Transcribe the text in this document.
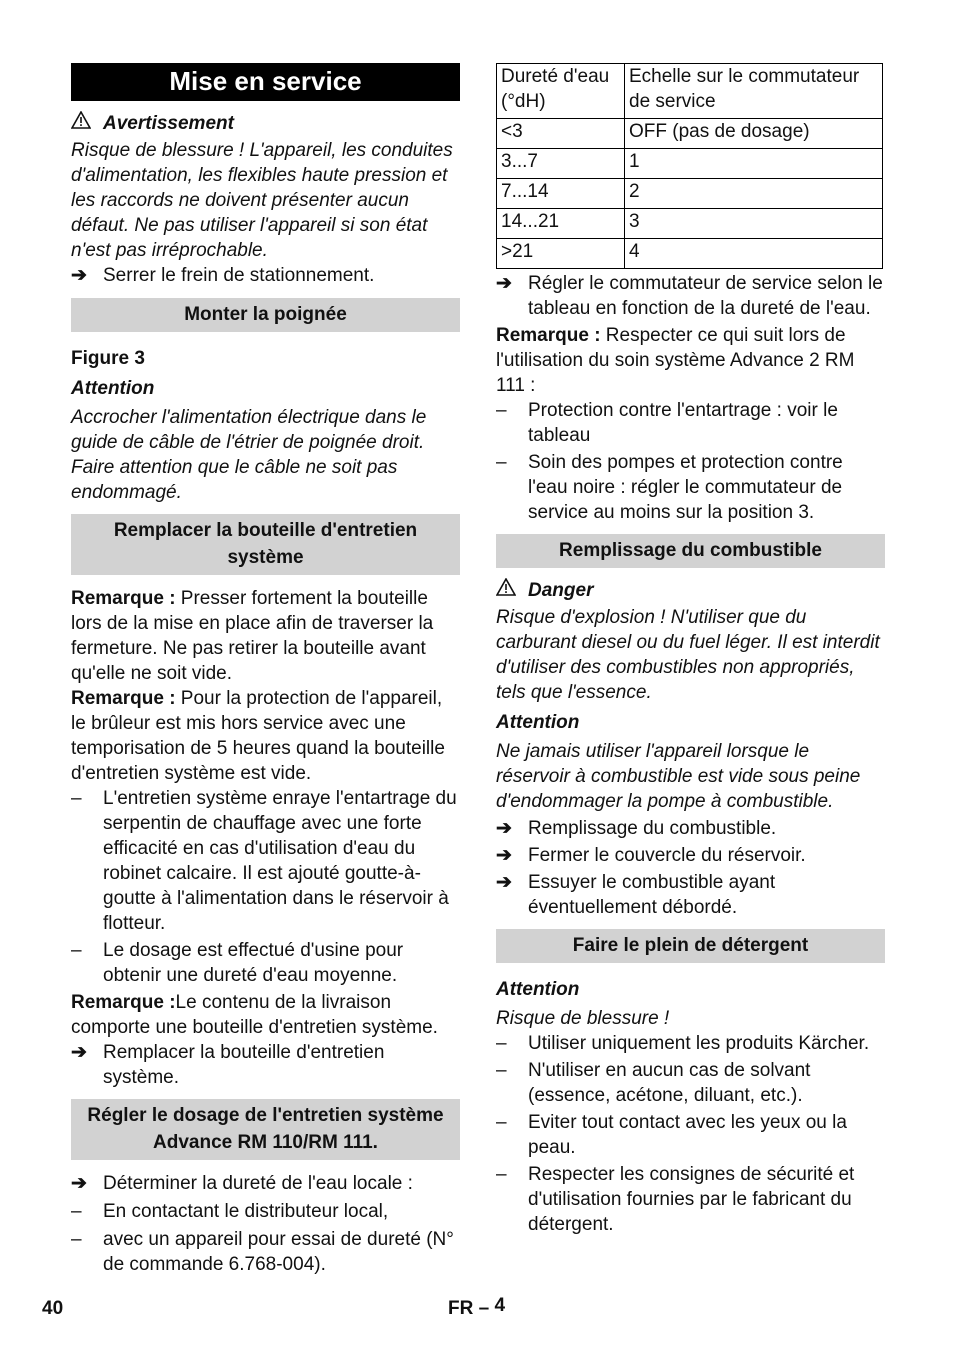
Mise en service
Avertissement

Risque de blessure ! L'appareil, les conduites d'alimentation, les flexibles haute pression et les raccords ne doivent présenter aucun défaut. Ne pas utiliser l'appareil si son état n'est pas irréprochable.

➔ Serrer le frein de stationnement.
Monter la poignée

Figure 3

Attention

Accrocher l'alimentation électrique dans le guide de câble de l'étrier de poignée droit. Faire attention que le câble ne soit pas endommagé.

Remplacer la bouteille d'entretien système

Remarque : Presser fortement la bouteille lors de la mise en place afin de traverser la fermeture. Ne pas retirer la bouteille avant qu'elle ne soit vide.

Remarque : Pour la protection de l'appareil, le brûleur est mis hors service avec une temporisation de 5 heures quand la bouteille d'entretien système est vide.

–	L'entretien système enraye l'entartrage du serpentin de chauffage avec une forte efficacité en cas d'utilisation d'eau du robinet calcaire. Il est ajouté goutte-à-goutte à l'alimentation dans le réservoir à flotteur.
–	Le dosage est effectué d'usine pour obtenir une dureté d'eau moyenne.

Remarque :Le contenu de la livraison comporte une bouteille d'entretien système.

➔ Remplacer la bouteille d'entretien système.
Régler le dosage de l'entretien système Advance RM 110/RM 111.
➔ Déterminer la dureté de l'eau locale :
–	En contactant le distributeur local,
–	avec un appareil pour essai de dureté (N° de commande 6.768-004).
Dureté d'eau (°dH)	Echelle sur le commutateur de service
<3	OFF (pas de dosage)
3...7	1
7...14	2
14...21	3
>21	4
➔ Régler le commutateur de service selon le tableau en fonction de la dureté de l'eau.

Remarque : Respecter ce qui suit lors de l'utilisation du soin système Advance 2 RM 111 :

–	Protection contre l'entartrage : voir le tableau
–	Soin des pompes et protection contre l'eau noire : régler le commutateur de service au moins sur la position 3.
Remplissage du combustible
Danger

Risque d'explosion ! N'utiliser que du carburant diesel ou du fuel léger. Il est interdit d'utiliser des combustibles non appropriés, tels que l'essence.

Attention

Ne jamais utiliser l'appareil lorsque le réservoir à combustible est vide sous peine d'endommager la pompe à combustible.

➔ Remplissage du combustible.
➔ Fermer le couvercle du réservoir.
➔ Essuyer le combustible ayant éventuellement débordé.
Faire le plein de détergent

Attention

Risque de blessure !

–	Utiliser uniquement les produits Kärcher.
–	N'utiliser en aucun cas de solvant (essence, acétone, diluant, etc.).
–	Eviter tout contact avec les yeux ou la peau.
–	Respecter les consignes de sécurité et d'utilisation fournies par le fabricant du détergent.
40	FR – 4
